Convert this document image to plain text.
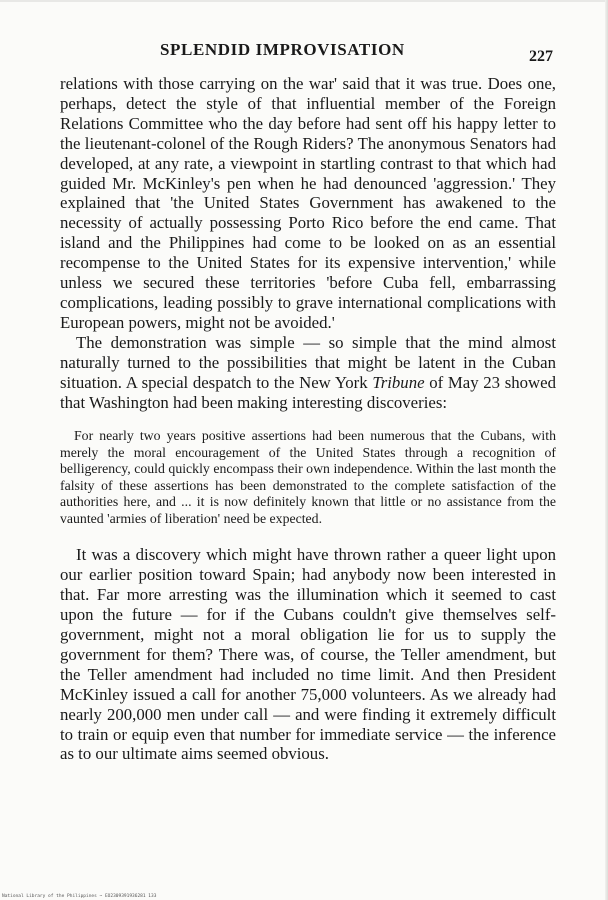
SPLENDID IMPROVISATION	227

relations with those carrying on the war' said that it was true. Does one, perhaps, detect the style of that influential member of the Foreign Relations Committee who the day before had sent off his happy letter to the lieutenant-colonel of the Rough Riders? The anonymous Senators had developed, at any rate, a viewpoint in startling contrast to that which had guided Mr. McKinley's pen when he had denounced 'aggression.' They explained that 'the United States Government has awakened to the necessity of actually possessing Porto Rico before the end came. That island and the Philippines had come to be looked on as an essential recompense to the United States for its expensive intervention,' while unless we secured these territories 'before Cuba fell, embarrassing complications, leading possibly to grave international complications with European powers, might not be avoided.'

The demonstration was simple — so simple that the mind almost naturally turned to the possibilities that might be latent in the Cuban situation. A special despatch to the New York Tribune of May 23 showed that Washington had been making interesting discoveries:

For nearly two years positive assertions had been numerous that the Cubans, with merely the moral encouragement of the United States through a recognition of belligerency, could quickly encompass their own independence. Within the last month the falsity of these assertions has been demonstrated to the complete satisfaction of the authorities here, and ... it is now definitely known that little or no assistance from the vaunted 'armies of liberation' need be expected.

It was a discovery which might have thrown rather a queer light upon our earlier position toward Spain; had anybody now been interested in that. Far more arresting was the illumination which it seemed to cast upon the future — for if the Cubans couldn't give themselves self-government, might not a moral obligation lie for us to supply the government for them? There was, of course, the Teller amendment, but the Teller amendment had included no time limit. And then President McKinley issued a call for another 75,000 volunteers. As we already had nearly 200,000 men under call — and were finding it extremely difficult to train or equip even that number for immediate service — the inference as to our ultimate aims seemed obvious.

National Library of the Philippines ~ EO2309391936281 133
